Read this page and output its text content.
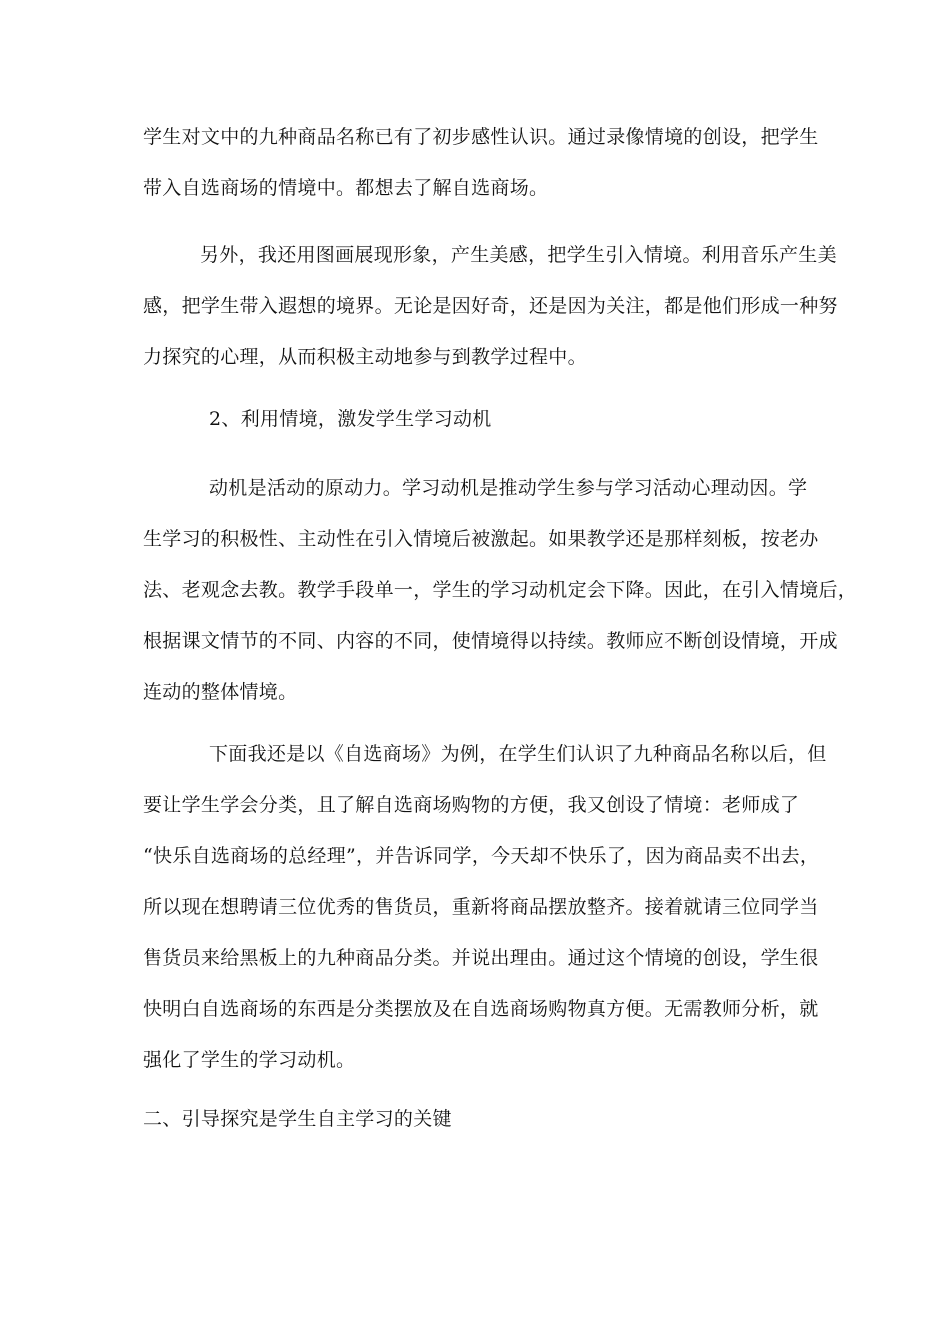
学生对文中的九种商品名称已有了初步感性认识。通过录像情境的创设，把学生
带入自选商场的情境中。都想去了解自选商场。
另外，我还用图画展现形象，产生美感，把学生引入情境。利用音乐产生美
感，把学生带入遐想的境界。无论是因好奇，还是因为关注，都是他们形成一种努
力探究的心理，从而积极主动地参与到教学过程中。
2、利用情境，激发学生学习动机
动机是活动的原动力。学习动机是推动学生参与学习活动心理动因。学
生学习的积极性、主动性在引入情境后被激起。如果教学还是那样刻板，按老办
法、老观念去教。教学手段单一，学生的学习动机定会下降。因此，在引入情境后，
根据课文情节的不同、内容的不同，使情境得以持续。教师应不断创设情境，开成
连动的整体情境。
下面我还是以《自选商场》为例，在学生们认识了九种商品名称以后，但
要让学生学会分类，且了解自选商场购物的方便，我又创设了情境：老师成了
“快乐自选商场的总经理”，并告诉同学，今天却不快乐了，因为商品卖不出去，
所以现在想聘请三位优秀的售货员，重新将商品摆放整齐。接着就请三位同学当
售货员来给黑板上的九种商品分类。并说出理由。通过这个情境的创设，学生很
快明白自选商场的东西是分类摆放及在自选商场购物真方便。无需教师分析，就
强化了学生的学习动机。
二、引导探究是学生自主学习的关键
